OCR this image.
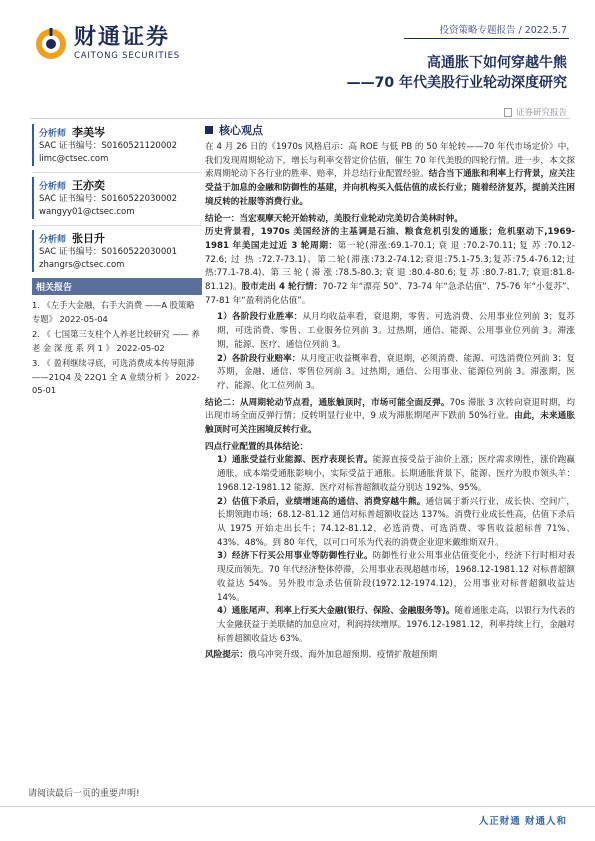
财通证券
CAITONG SECURITIES
投资策略专题报告 / 2022.5.7
高通胀下如何穿越牛熊
——70 年代美股行业轮动深度研究
证券研究报告
分析师 李美岑
SAC 证书编号：S0160521120002
limc@ctsec.com
分析师 王亦奕
SAC 证书编号：S0160522030002
wangyy01@ctsec.com
分析师 张日升
SAC 证书编号：S0160522030001
zhangrs@ctsec.com
相关报告
1. 《左手大金融，右手大消费 ——A 股策略专题》 2022-05-04
2. 《 七国第三支柱个人养老比较研究 —— 养 老 金 深 度 系 列 1 》 2022-05-02
3. 《 盈利继续寻底，可选消费成本传导阻滞 ——21Q4 及 22Q1 全 A 业绩分析 》 2022-05-01
核心观点
在 4 月 26 日的《1970s 风格启示：高 ROE 与低 PB 的 50 年轮转——70 年代市场定价》中，我们发现周期轮动下，增长与利率交替定价估值，催生 70 年代美股的四轮行情。进一步，本文探索周期轮动下各行业的胜率、赔率，并总结行业配置经验。结合当下通胀和利率上行背景，应关注受益于加息的金融和防御性的基建，并向机构买入低估值的成长行业；随着经济复苏，提前关注困境反转的社服等消费行业。
结论一：当宏观摩天轮开始转动，美股行业轮动完美切合美林时钟。
历史背景看，1970s 美国经济的主基调是石油、粮食危机引发的通胀；危机驱动下,1969-1981 年美国走过近 3 轮周期：第一轮(滞涨:69.1-70.1; 衰 退 :70.2-70.11; 复 苏 :70.12-72.6; 过 热 :72.7-73.1)、第二轮(滞涨:73.2-74.12;衰退:75.1-75.3;复苏:75.4-76.12;过热:77.1-78.4)、第 三 轮 ( 滞 涨 :78.5-80.3; 衰 退 :80.4-80.6; 复 苏 :80.7-81.7; 衰退:81.8-81.12)。股市走出 4 轮行情：70-72 年“漂亮 50”、73-74 年“急杀估值”、75-76 年“小复苏”、77-81 年“盈利消化估值”。
1）各阶段行业胜率：从月均收益率看，衰退期，零售、可选消费、公用事业位列前 3；复苏期，可选消费、零售、工业服务位列前 3。过热期，通信、能源、公用事业位列前 3。滞涨期，能源、医疗、通信位列前 3。
2）各阶段行业赔率：从月度正收益概率看，衰退期，必须消费、能源、可选消费位列前 3；复苏期，金融、通信、零售位列前 3。过热期，通信、公用事业、能源位列前 3。滞涨期，医疗、能源、化工位列前 3。
结论二：从周期轮动节点看，通胀触顶时，市场可能全面反弹。70s 滞胀 3 次转向衰退时期，均出现市场全面反弹行情；反转明显行业中，9 成为滞胀期尾声下跌前 50%行业。由此，未来通胀触顶时可关注困境反转行业。
四点行业配置的具体结论：
1）通胀受益行业能源、医疗表现长青。能源直接受益于油价上涨；医疗需求刚性，涨价跑赢通胀，成本端受通胀影响小，实际受益于通胀。长期通胀背景下，能源、医疗为股市领头羊：1968.12-1981.12 能源、医疗对标普超额收益分别达 192%、95%。
2）估值下杀后，业绩增速高的通信、消费穿越牛熊。通信属于新兴行业，成长快、空间广，长期领跑市场；68.12-81.12 通信对标普超额收益达 137%。消费行业成长性高，估值下杀后从 1975 开始走出长牛；74.12-81.12，必选消费、可选消费、零售收益超标普 71%、43%、48%。到 80 年代，以可口可乐为代表的消费企业迎来戴维斯双升。
3）经济下行买公用事业等防御性行业。防御性行业公用事业估值变化小，经济下行时相对表现反而领先。70 年代经济整体停滞，公用事业表现超越市场，1968.12-1981.12 对标普超额收益达 54%。另外股市急杀估值阶段(1972.12-1974.12)，公用事业对标普超额收益达 14%。
4）通胀尾声、利率上行买大金融(银行、保险、金融服务等)。随着通胀走高，以银行为代表的大金融获益于美联储的加息应对，利润持续增厚。1976.12-1981.12，利率持续上行，金融对标普超额收益达 63%。
风险提示：俄乌冲突升级、海外加息超预期、疫情扩散超预期
请阅读最后一页的重要声明!
人正财通 财通人和
